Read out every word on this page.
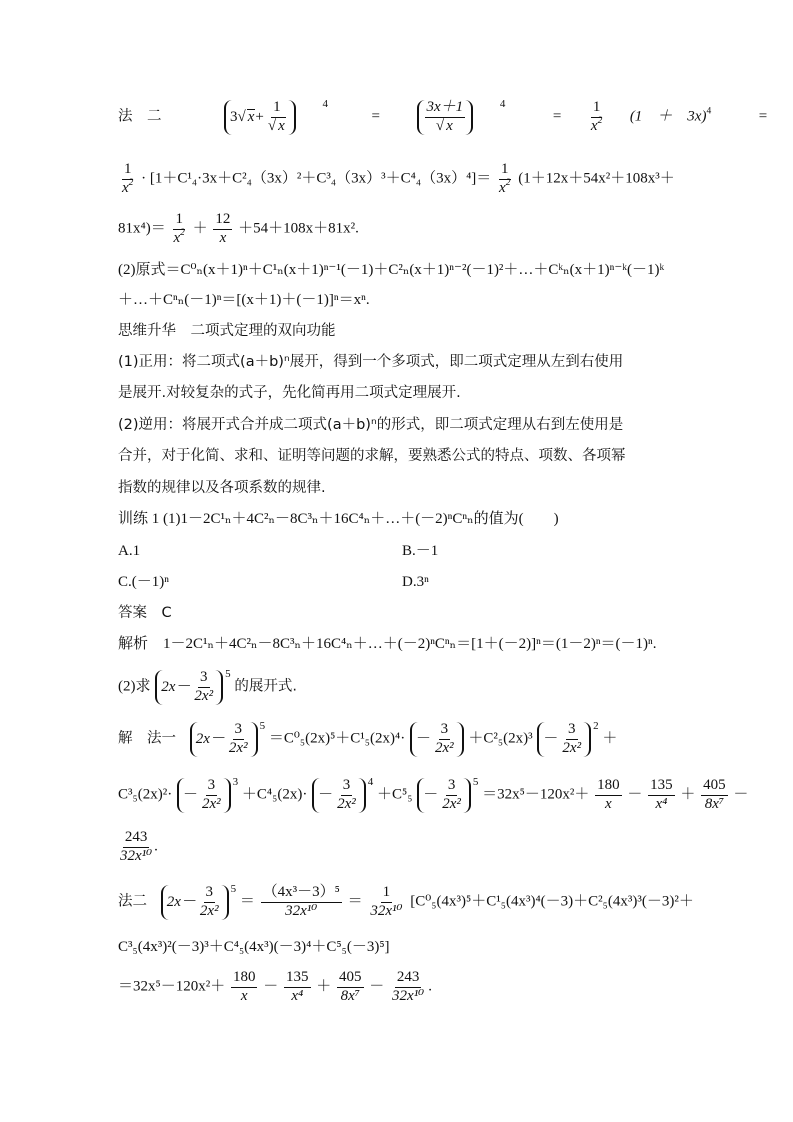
法　二	3 √ $x + \frac{1}{√ x}$	$^4$  =	$\frac{3x+1}{√ x}$	$^4 = \frac{1}{x^2} (1$　＋　3x)$^4$	=
$\frac{1}{x^2} \cdot [1+C^1_4\cdot 3x+C^2_4(3x)^2+C^3_4(3x)^3+C^4_4(3x)^4]= \frac{1}{x^2} (1+12x+54x^2+108x^3+$
$81x^4)= \frac{1}{x^2} + \frac{12}{x} +54+108x+81x^2$.
(2)原式＝C⁰ₙ(x＋1)ⁿ＋C¹ₙ(x＋1)ⁿ⁻¹(－1)＋C²ₙ(x＋1)ⁿ⁻²(－1)²＋…＋Cᵏₙ(x＋1)ⁿ⁻ᵏ(－1)ᵏ
＋…＋Cⁿₙ(－1)ⁿ＝[(x＋1)＋(－1)]ⁿ＝xⁿ.
思维升华　二项式定理的双向功能
(1)正用：将二项式(a＋b)ⁿ展开，得到一个多项式，即二项式定理从左到右使用
是展开.对较复杂的式子，先化简再用二项式定理展开.
(2)逆用：将展开式合并成二项式(a＋b)ⁿ的形式，即二项式定理从右到左使用是
合并，对于化简、求和、证明等问题的求解，要熟悉公式的特点、项数、各项幂
指数的规律以及各项系数的规律.
训练 1 (1)1－2C¹ₙ＋4C²ₙ－8C³ₙ＋16C⁴ₙ＋…＋(－2)ⁿCⁿₙ的值为(　　)
A.1	B.－1
C.(－1)ⁿ	D.3ⁿ
答案　C
解析　1－2C¹ₙ＋4C²ₙ－8C³ₙ＋16C⁴ₙ＋…＋(－2)ⁿCⁿₙ＝[1＋(－2)]ⁿ＝(1－2)ⁿ＝(－1)ⁿ.
(2)求 $2x- \frac{3}{\text{2x²}} ^5$ 的展开式.
解　法一 $2x- \frac{3}{\text{2x²}} ^5 =C^0_5(2x)^5+C^1_5(2x)^4\cdot - \frac{3}{\text{2x²}} +C^2_5(2x)^3 - \frac{3}{\text{2x²}} ^2$ ＋
$C^3_5(2x)^2\cdot - \frac{3}{\text{2x²}} ^3 +C^4_5(2x)\cdot - \frac{3}{\text{2x²}} ^4 +C^5_5 - \frac{3}{\text{2x²}} ^5 =32x^5-120x^2+ \frac{180}{x} - \frac{135}{\text{x⁴}} + \frac{405}{\text{8x⁷}}$ －
$\frac{243}{\text{32x¹⁰}}$ .
法二 $2x- \frac{3}{\text{2x²}} ^5 = \frac{\text{（4x³－3）⁵}}{\text{32x¹⁰}} = \frac{1}{\text{32x¹⁰}} [C^0_5(4x^3)^5+C^1_5(4x^3)^4(-3)+C^2_5(4x^3)^3(-3)^2+$
C³₅(4x³)²(－3)³＋C⁴₅(4x³)(－3)⁴＋C⁵₅(－3)⁵]
$=32x^5-120x^2+ \frac{180}{x} - \frac{135}{\text{x⁴}} + \frac{405}{\text{8x⁷}} - \frac{243}{\text{32x¹⁰}}$ .
